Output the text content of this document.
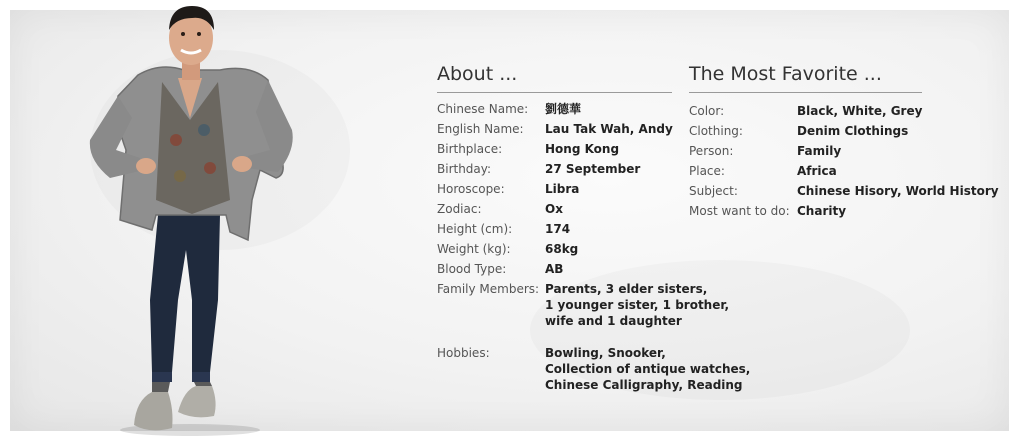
About ...
Chinese Name: 劉德華
English Name: Lau Tak Wah, Andy
Birthplace:	Hong Kong
Birthday:	27 September
Horoscope:	Libra
Zodiac:	Ox
Height (cm):	174
Weight (kg):	68kg
Blood Type:	AB
Family Members: Parents, 3 elder sisters,
1 younger sister, 1 brother,
wife and 1 daughter
Hobbies:	Bowling, Snooker,
Collection of antique watches,
Chinese Calligraphy, Reading
The Most Favorite ...
Color:	Black, White, Grey
Clothing:	Denim Clothings
Person:	Family
Place:	Africa
Subject:	Chinese Hisory, World History
Most want to do: Charity
